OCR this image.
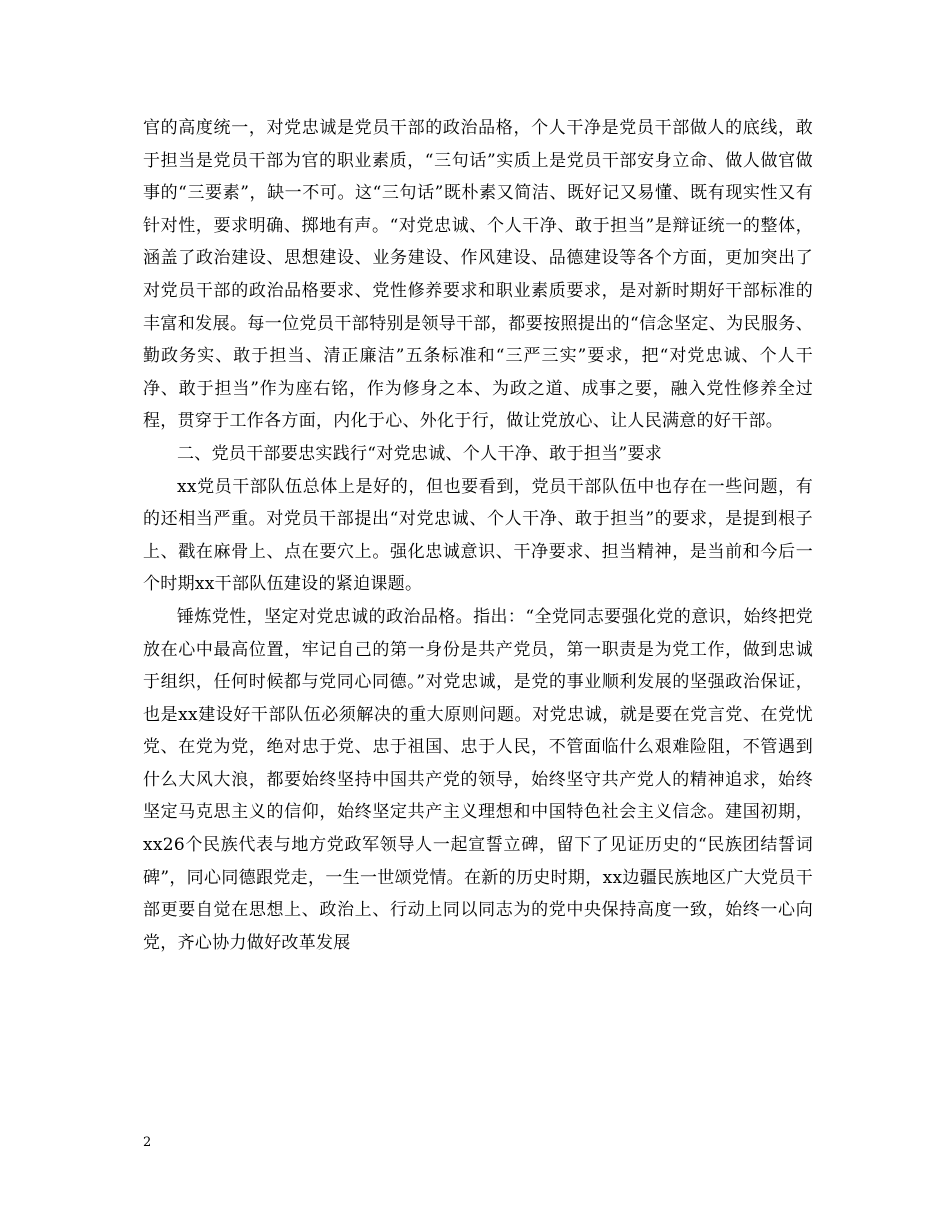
官的高度统一，对党忠诚是党员干部的政治品格，个人干净是党员干部做人的底线，敢于担当是党员干部为官的职业素质，“三句话”实质上是党员干部安身立命、做人做官做事的“三要素”，缺一不可。这“三句话”既朴素又简洁、既好记又易懂、既有现实性又有针对性，要求明确、掷地有声。“对党忠诚、个人干净、敢于担当”是辩证统一的整体，涵盖了政治建设、思想建设、业务建设、作风建设、品德建设等各个方面，更加突出了对党员干部的政治品格要求、党性修养要求和职业素质要求，是对新时期好干部标准的丰富和发展。每一位党员干部特别是领导干部，都要按照提出的“信念坚定、为民服务、勤政务实、敢于担当、清正廉洁”五条标准和“三严三实”要求，把“对党忠诚、个人干净、敢于担当”作为座右铭，作为修身之本、为政之道、成事之要，融入党性修养全过程，贯穿于工作各方面，内化于心、外化于行，做让党放心、让人民满意的好干部。

二、党员干部要忠实践行“对党忠诚、个人干净、敢于担当”要求

xx党员干部队伍总体上是好的，但也要看到，党员干部队伍中也存在一些问题，有的还相当严重。对党员干部提出“对党忠诚、个人干净、敢于担当”的要求，是提到根子上、戳在麻骨上、点在要穴上。强化忠诚意识、干净要求、担当精神，是当前和今后一个时期xx干部队伍建设的紧迫课题。

锤炼党性，坚定对党忠诚的政治品格。指出：“全党同志要强化党的意识，始终把党放在心中最高位置，牢记自己的第一身份是共产党员，第一职责是为党工作，做到忠诚于组织，任何时候都与党同心同德。”对党忠诚，是党的事业顺利发展的坚强政治保证，也是xx建设好干部队伍必须解决的重大原则问题。对党忠诚，就是要在党言党、在党忧党、在党为党，绝对忠于党、忠于祖国、忠于人民，不管面临什么艰难险阻，不管遇到什么大风大浪，都要始终坚持中国共产党的领导，始终坚守共产党人的精神追求，始终坚定马克思主义的信仰，始终坚定共产主义理想和中国特色社会主义信念。建国初期，xx26个民族代表与地方党政军领导人一起宣誓立碑，留下了见证历史的“民族团结誓词碑”，同心同德跟党走，一生一世颂党情。在新的历史时期，xx边疆民族地区广大党员干部更要自觉在思想上、政治上、行动上同以同志为的党中央保持高度一致，始终一心向党，齐心协力做好改革发展

2
